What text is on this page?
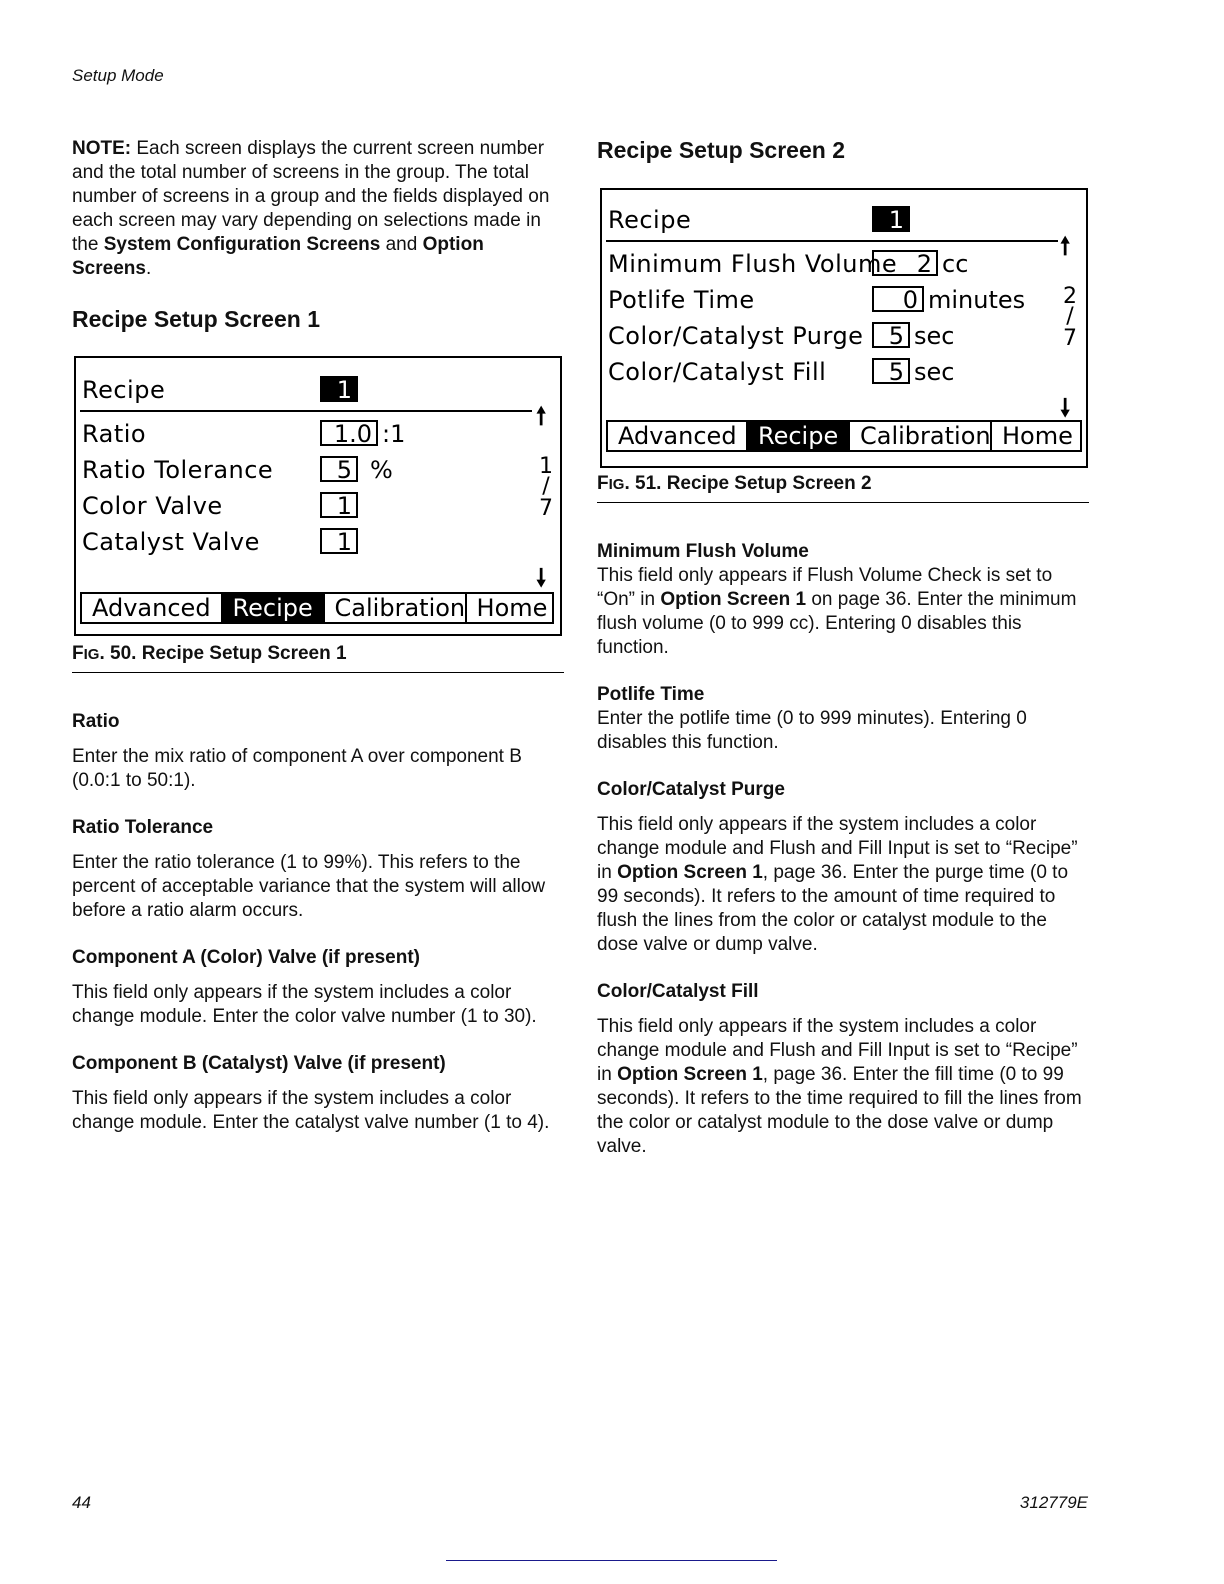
Setup Mode

NOTE: Each screen displays the current screen number and the total number of screens in the group. The total number of screens in a group and the fields displayed on each screen may vary depending on selections made in the System Configuration Screens and Option Screens.

Recipe Setup Screen 1
Recipe	1
🠕
Ratio	1.0 :1
Ratio Tolerance	5 %
Color Valve	1
Catalyst Valve	1
1
/
7
🠗
Advanced Recipe Calibration Home
FIG. 50. Recipe Setup Screen 1
Ratio

Enter the mix ratio of component A over component B (0.0:1 to 50:1).

Ratio Tolerance

Enter the ratio tolerance (1 to 99%). This refers to the percent of acceptable variance that the system will allow before a ratio alarm occurs.

Component A (Color) Valve (if present)

This field only appears if the system includes a color change module. Enter the color valve number (1 to 30).

Component B (Catalyst) Valve (if present)

This field only appears if the system includes a color change module. Enter the catalyst valve number (1 to 4).

Recipe Setup Screen 2
Recipe	1
🠕
Minimum Flush Volume 2 cc
Potlife Time	0 minutes
Color/Catalyst Purge	5 sec
Color/Catalyst Fill	5 sec
2
/
7
🠗
Advanced Recipe Calibration Home
FIG. 51. Recipe Setup Screen 2
Minimum Flush Volume

This field only appears if Flush Volume Check is set to “On” in Option Screen 1 on page 36. Enter the minimum flush volume (0 to 999 cc). Entering 0 disables this function.

Potlife Time

Enter the potlife time (0 to 999 minutes). Entering 0 disables this function.

Color/Catalyst Purge

This field only appears if the system includes a color change module and Flush and Fill Input is set to “Recipe” in Option Screen 1, page 36. Enter the purge time (0 to 99 seconds). It refers to the amount of time required to flush the lines from the color or catalyst module to the dose valve or dump valve.

Color/Catalyst Fill

This field only appears if the system includes a color change module and Flush and Fill Input is set to “Recipe” in Option Screen 1, page 36. Enter the fill time (0 to 99 seconds). It refers to the time required to fill the lines from the color or catalyst module to the dose valve or dump valve.

44	312779E
